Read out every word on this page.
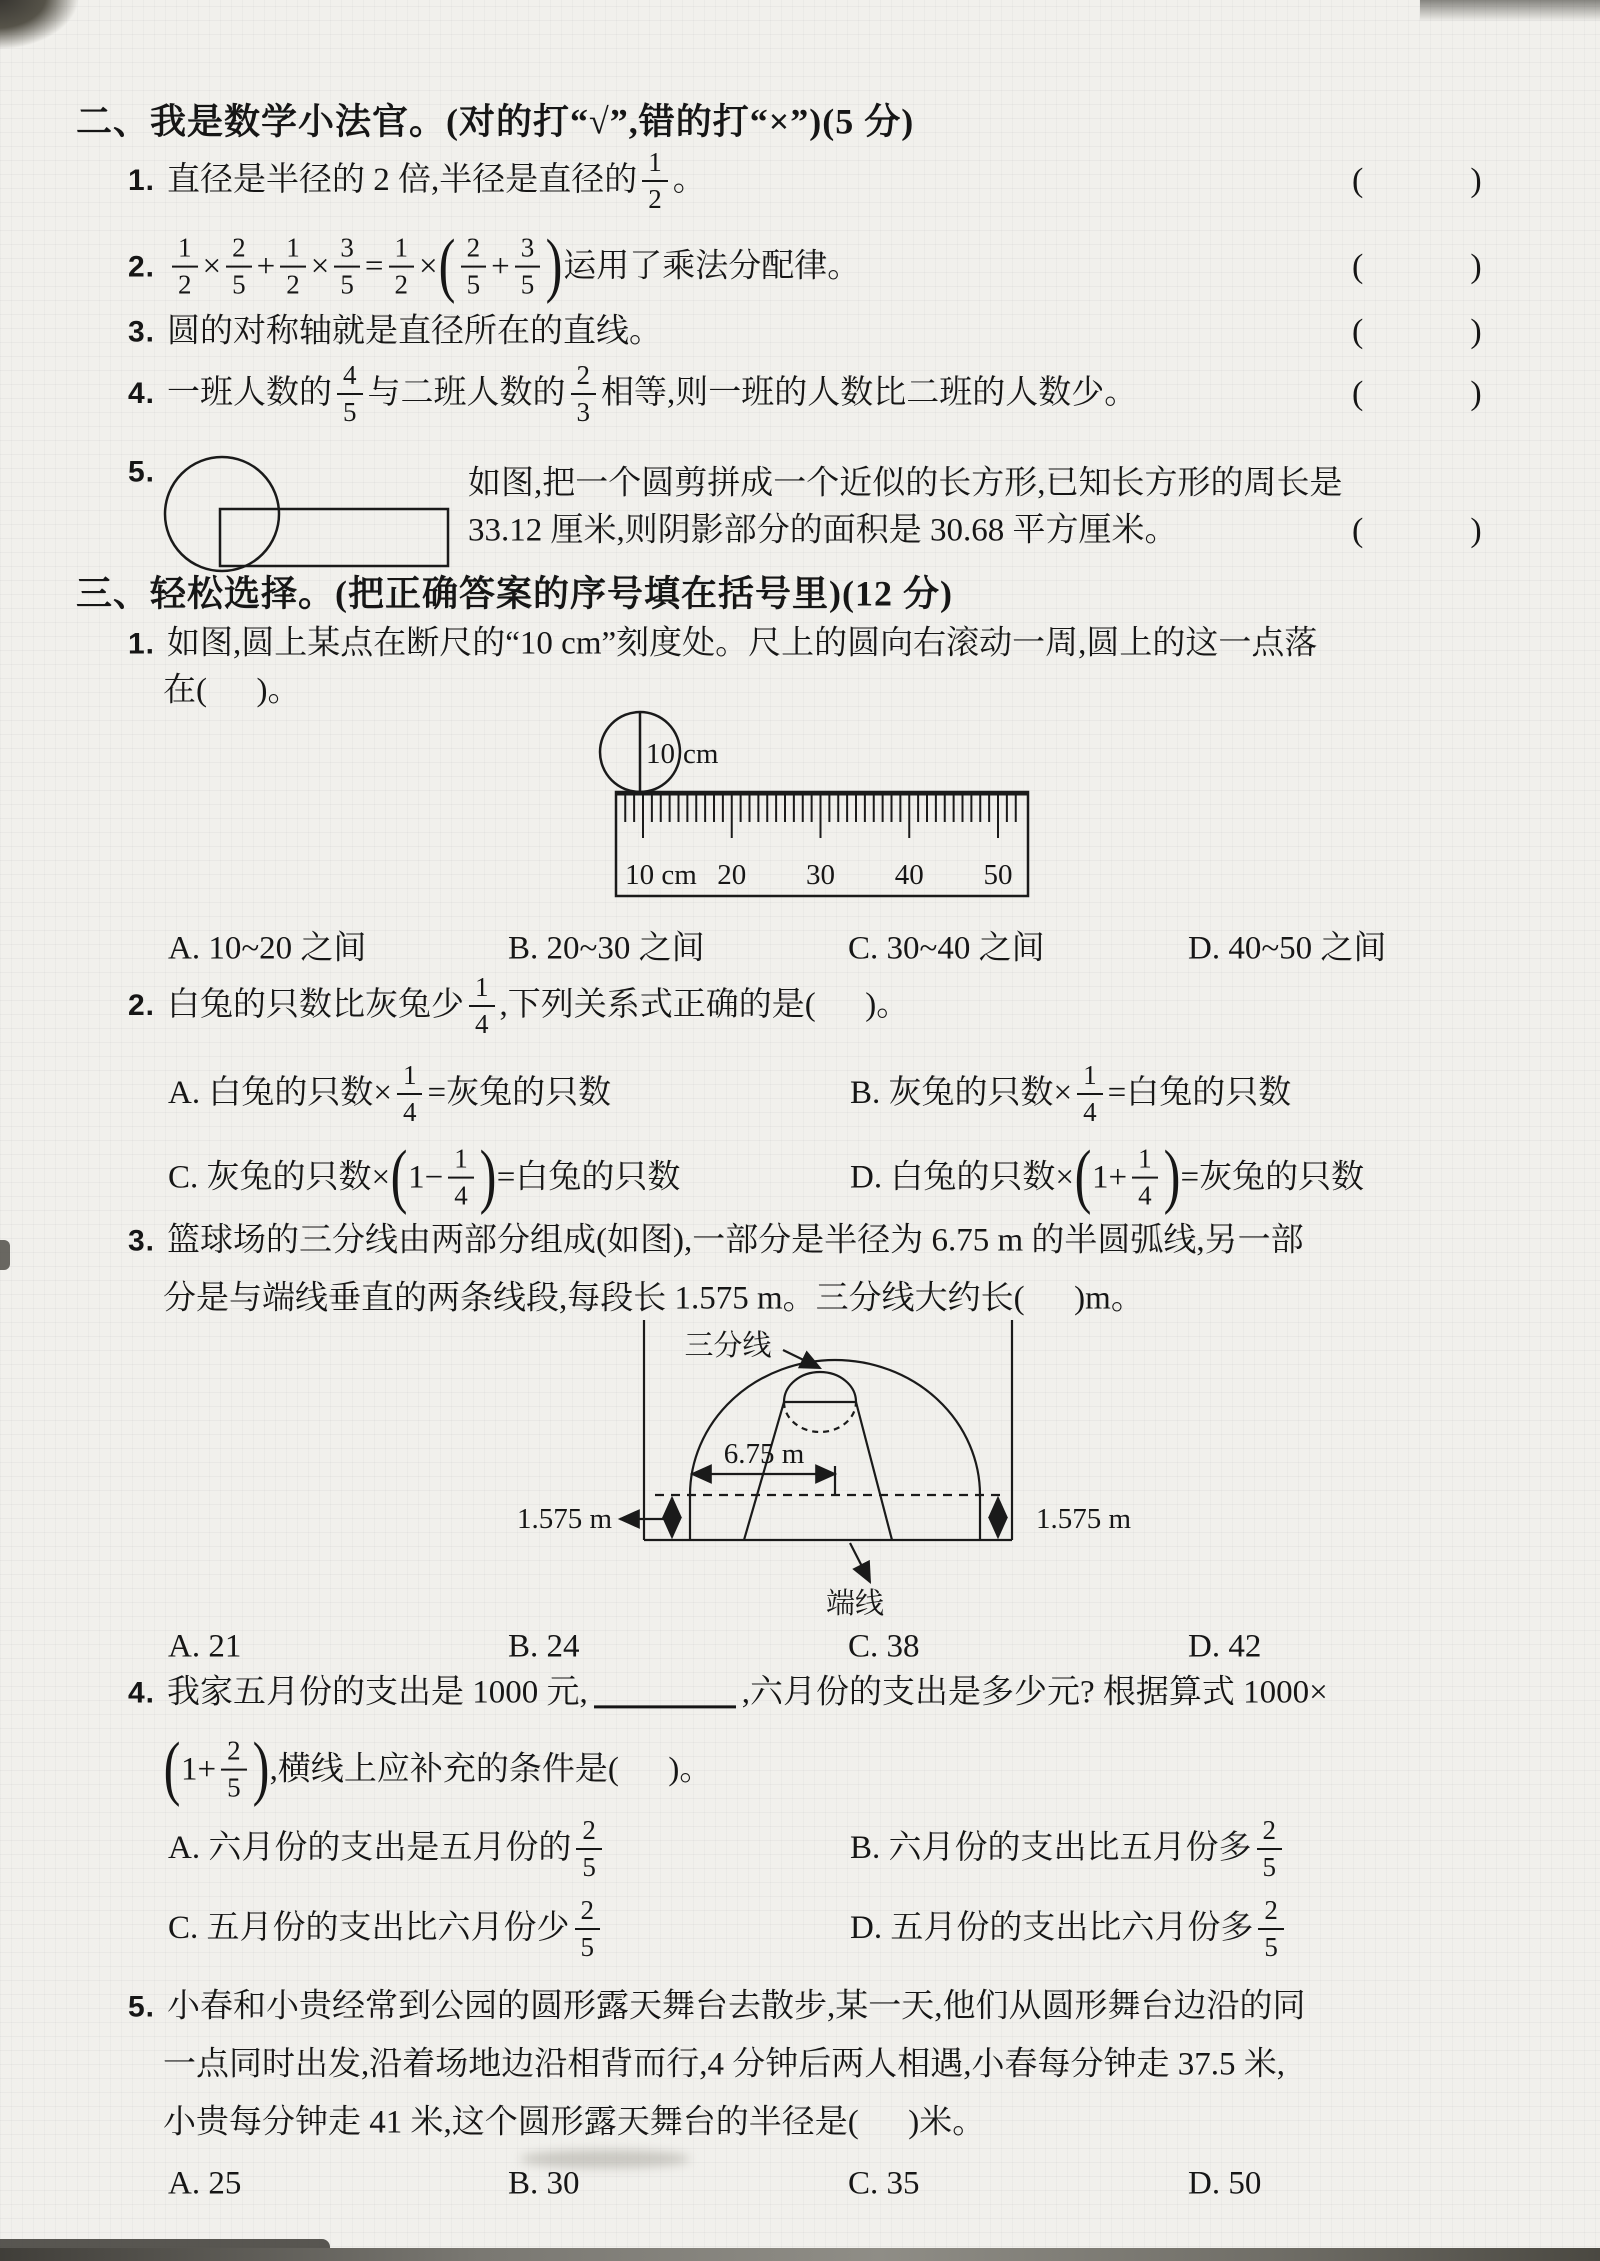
二、我是数学小法官。(对的打“√”,错的打“×”)(5 分)
1. 直径是半径的 2 倍,半径是直径的 $\frac{1}{2}$ 。	(          )
2. $\frac{1}{2} \times \frac{2}{5} + \frac{1}{2} \times \frac{3}{5} = \frac{1}{2}$ × ( $\frac{2}{5} + \frac{3}{5}$ ) 运用了乘法分配律。	(          )
3. 圆的对称轴就是直径所在的直线。	(          )
4. 一班人数的 $\frac{4}{5}$ 与二班人数的 $\frac{2}{3}$ 相等,则一班的人数比二班的人数少。	(          )
5.	如图,把一个圆剪拼成一个近似的长方形,已知长方形的周长是
33.12 厘米,则阴影部分的面积是 30.68 平方厘米。	(          )
三、轻松选择。(把正确答案的序号填在括号里)(12 分)
1. 如图,圆上某点在断尺的“10 cm”刻度处。尺上的圆向右滚动一周,圆上的这一点落
在(      )。
10 cm
10 cm 20 30 40 50
A. 10~20 之间	B. 20~30 之间	C. 30~40 之间	D. 40~50 之间
2. 白兔的只数比灰兔少 $\frac{1}{4}$ ,下列关系式正确的是(      )。
A. 白兔的只数× $\frac{1}{4}$ =灰兔的只数	B. 灰兔的只数× $\frac{1}{4}$ =白兔的只数
C. 灰兔的只数× ( $1- \frac{1}{4}$ ) =白兔的只数	D. 白兔的只数× ( $1+ \frac{1}{4}$ ) =灰兔的只数
3. 篮球场的三分线由两部分组成(如图),一部分是半径为 6.75 m 的半圆弧线,另一部
分是与端线垂直的两条线段,每段长 1.575 m。三分线大约长(      )m。
6.75 m
1.575 m	1.575 m
三分线
端线
A. 21	B. 24	C. 38	D. 42
4. 我家五月份的支出是 1000 元,	,六月份的支出是多少元? 根据算式 1000×
( $1+ \frac{2}{5}$ ) ,横线上应补充的条件是(      )。
A. 六月份的支出是五月份的 $\frac{2}{5}$	B. 六月份的支出比五月份多 $\frac{2}{5}$
C. 五月份的支出比六月份少 $\frac{2}{5}$	D. 五月份的支出比六月份多 $\frac{2}{5}$
5. 小春和小贵经常到公园的圆形露天舞台去散步,某一天,他们从圆形舞台边沿的同
一点同时出发,沿着场地边沿相背而行,4 分钟后两人相遇,小春每分钟走 37.5 米,
小贵每分钟走 41 米,这个圆形露天舞台的半径是(      )米。
A. 25	B. 30	C. 35	D. 50
